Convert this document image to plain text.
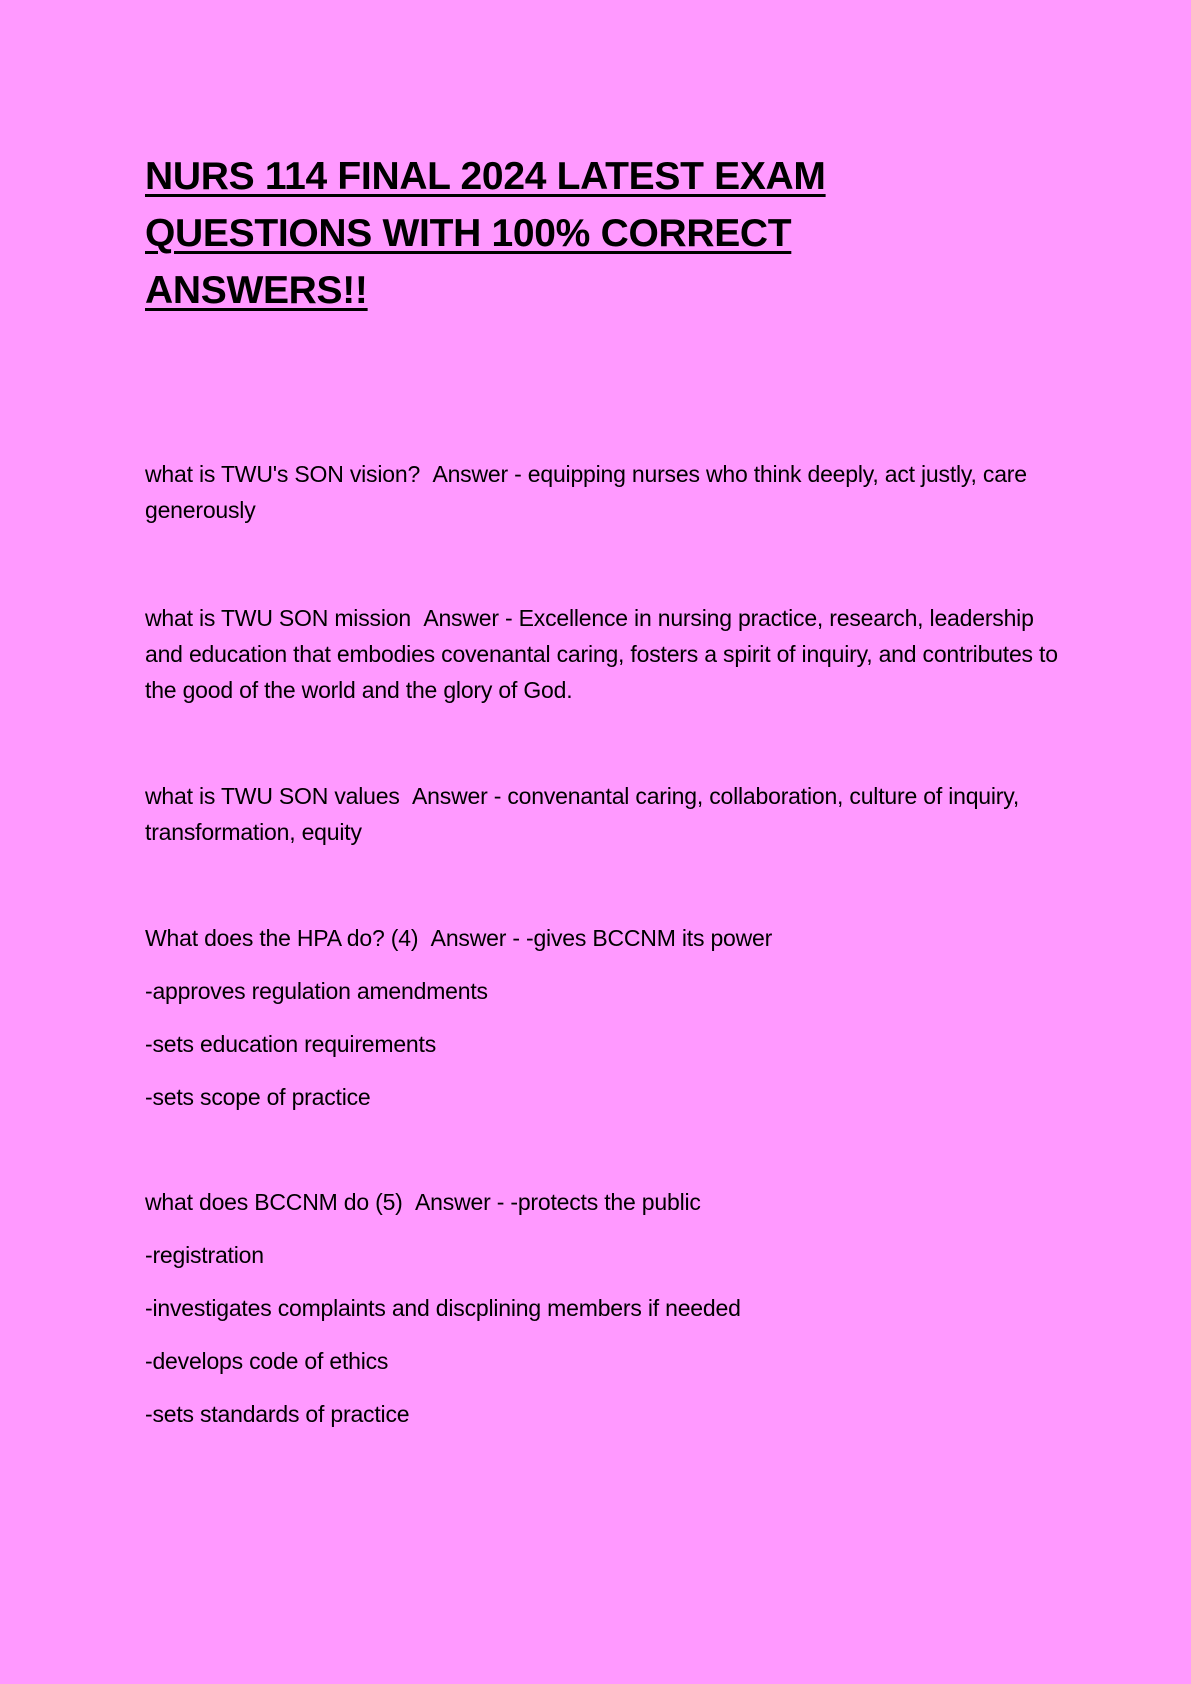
NURS 114 FINAL 2024 LATEST EXAM QUESTIONS WITH 100% CORRECT ANSWERS!!

what is TWU's SON vision? Answer - equipping nurses who think deeply, act justly, care generously

what is TWU SON mission Answer - Excellence in nursing practice, research, leadership and education that embodies covenantal caring, fosters a spirit of inquiry, and contributes to the good of the world and the glory of God.

what is TWU SON values Answer - convenantal caring, collaboration, culture of inquiry, transformation, equity

What does the HPA do? (4) Answer - -gives BCCNM its power

-approves regulation amendments

-sets education requirements

-sets scope of practice

what does BCCNM do (5) Answer - -protects the public

-registration

-investigates complaints and discplining members if needed

-develops code of ethics

-sets standards of practice
